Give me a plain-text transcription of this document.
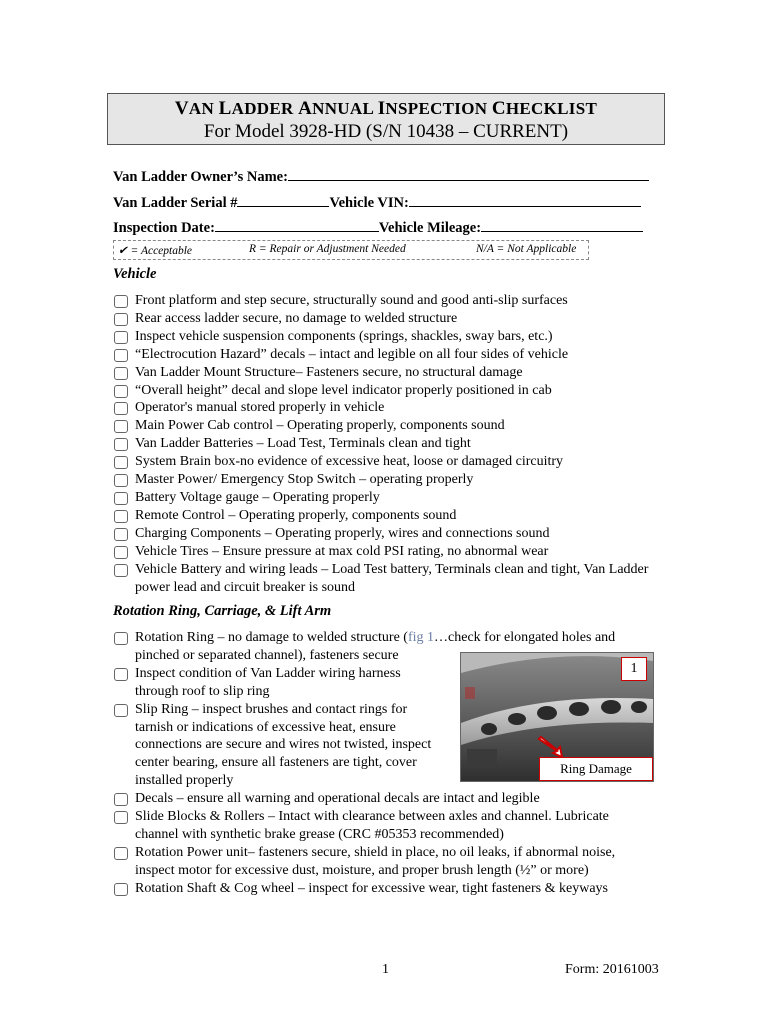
VAN LADDER ANNUAL INSPECTION CHECKLIST
For Model 3928-HD (S/N 10438 – CURRENT)
Van Ladder Owner’s Name:
Van Ladder Serial #	Vehicle VIN:
Inspection Date:	Vehicle Mileage:
✔ = Acceptable	R = Repair or Adjustment Needed	N/A = Not Applicable
Vehicle
Front platform and step secure, structurally sound and good anti-slip surfaces
Rear access ladder secure, no damage to welded structure
Inspect vehicle suspension components (springs, shackles, sway bars, etc.)
“Electrocution Hazard” decals – intact and legible on all four sides of vehicle
Van Ladder Mount Structure– Fasteners secure, no structural damage
“Overall height” decal and slope level indicator properly positioned in cab
Operator's manual stored properly in vehicle
Main Power Cab control – Operating properly, components sound
Van Ladder Batteries – Load Test, Terminals clean and tight
System Brain box-no evidence of excessive heat, loose or damaged circuitry
Master Power/ Emergency Stop Switch – operating properly
Battery Voltage gauge – Operating properly
Remote Control – Operating properly, components sound
Charging Components – Operating properly, wires and connections sound
Vehicle Tires – Ensure pressure at max cold PSI rating, no abnormal wear
Vehicle Battery and wiring leads – Load Test battery, Terminals clean and tight, Van Ladder power lead and circuit breaker is sound
Rotation Ring, Carriage, & Lift Arm
Rotation Ring – no damage to welded structure (fig 1…check for elongated holes and pinched or separated channel), fasteners secure
Inspect condition of Van Ladder wiring harness through roof to slip ring
Slip Ring – inspect brushes and contact rings for tarnish or indications of excessive heat, ensure connections are secure and wires not twisted, inspect center bearing, ensure all fasteners are tight, cover installed properly
Decals – ensure all warning and operational decals are intact and legible
Slide Blocks & Rollers – Intact with clearance between axles and channel. Lubricate channel with synthetic brake grease (CRC #05353 recommended)
Rotation Power unit– fasteners secure, shield in place, no oil leaks, if abnormal noise, inspect motor for excessive dust, moisture, and proper brush length (½” or more)
Rotation Shaft & Cog wheel – inspect for excessive wear, tight fasteners & keyways
1
Ring Damage
1	Form: 20161003
